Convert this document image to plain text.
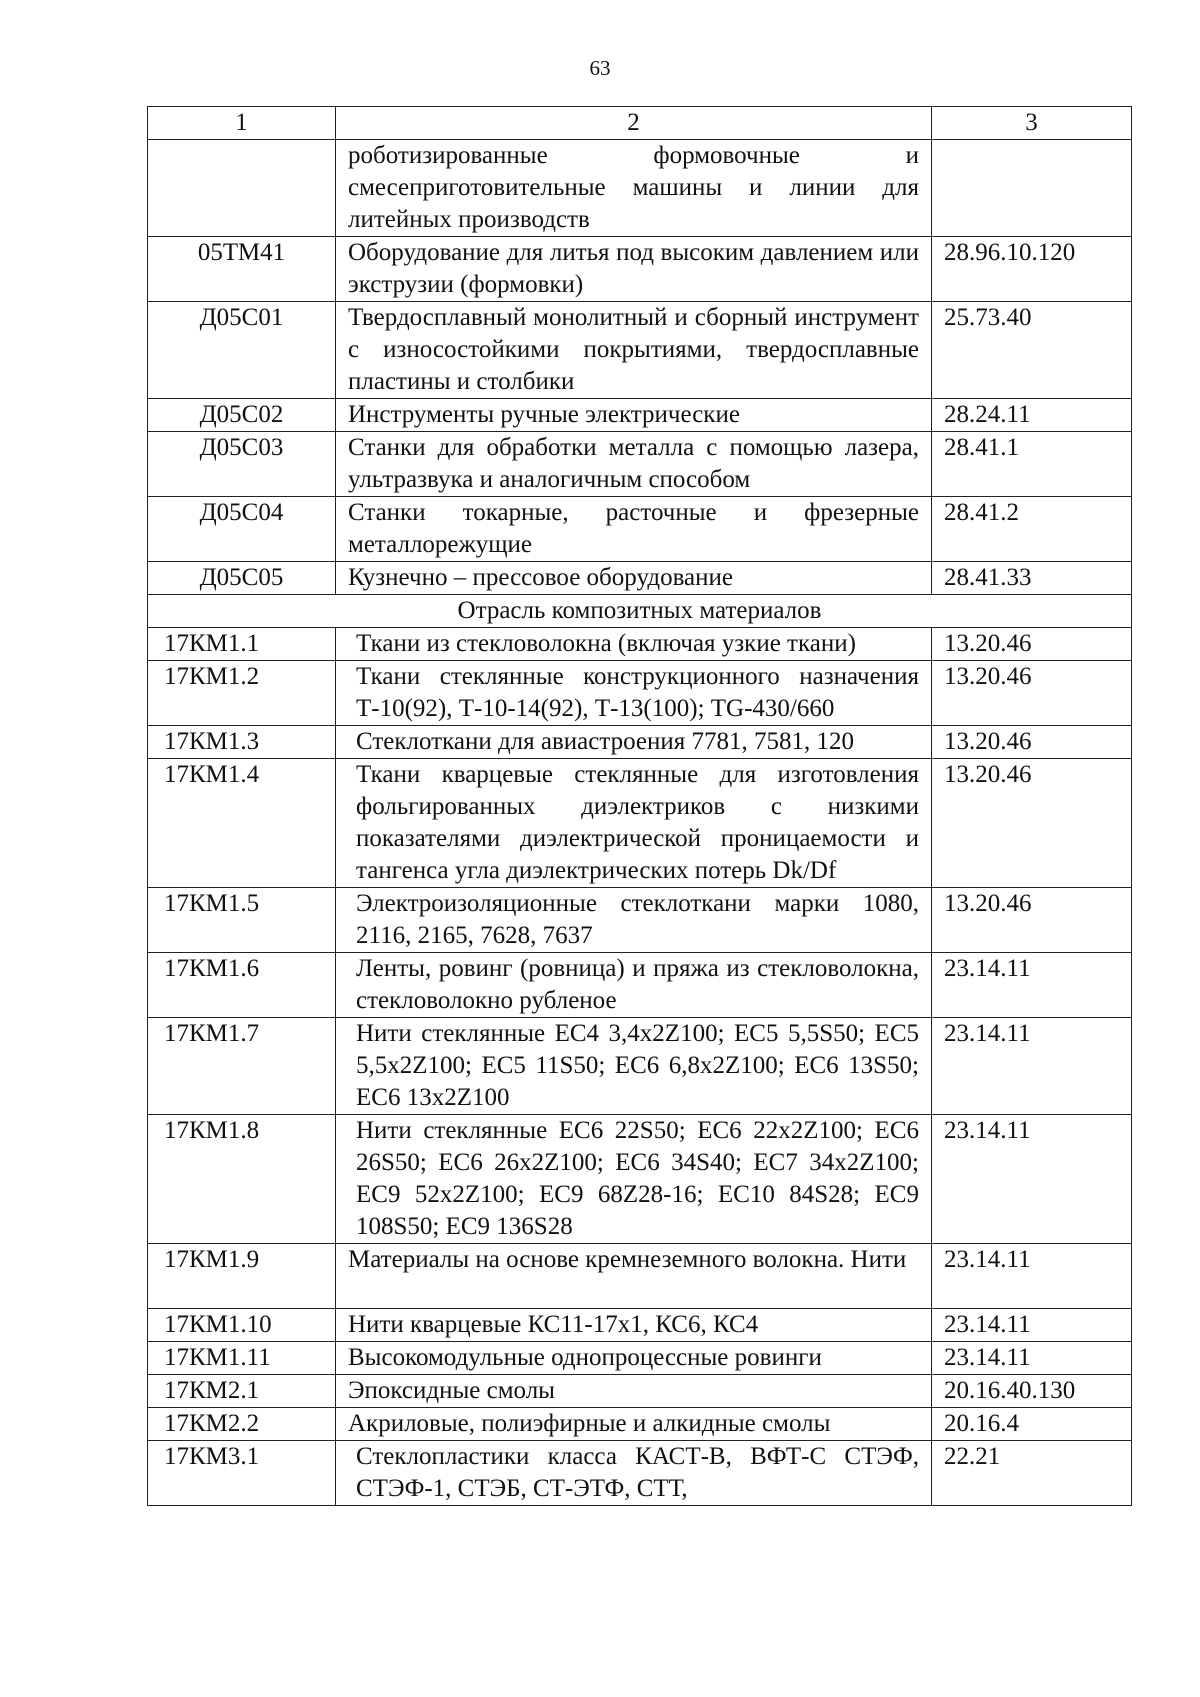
63
1	2	3
	роботизированные формовочные и смесеприготовительные машины и линии для литейных производств	
05ТМ41	Оборудование для литья под высоким давлением или экструзии (формовки)	28.96.10.120
Д05С01	Твердосплавный монолитный и сборный инструмент с износостойкими покрытиями, твердосплавные пластины и столбики	25.73.40
Д05С02	Инструменты ручные электрические	28.24.11
Д05С03	Станки для обработки металла с помощью лазера, ультразвука и аналогичным способом	28.41.1
Д05С04	Станки токарные, расточные и фрезерные металлорежущие	28.41.2
Д05С05	Кузнечно – прессовое оборудование	28.41.33
Отрасль композитных материалов		
17КМ1.1	Ткани из стекловолокна (включая узкие ткани)	13.20.46
17КМ1.2	Ткани стеклянные конструкционного назначения Т-10(92), Т-10-14(92), Т-13(100); TG-430/660	13.20.46
17КМ1.3	Стеклоткани для авиастроения 7781, 7581, 120	13.20.46
17КМ1.4	Ткани кварцевые стеклянные для изготовления фольгированных диэлектриков с низкими показателями диэлектрической проницаемости и тангенса угла диэлектрических потерь Dk/Df	13.20.46
17КМ1.5	Электроизоляционные стеклоткани марки 1080, 2116, 2165, 7628, 7637	13.20.46
17КМ1.6	Ленты, ровинг (ровница) и пряжа из стекловолокна, стекловолокно рубленое	23.14.11
17КМ1.7	Нити стеклянные ЕС4 3,4х2Z100; ЕС5 5,5S50; ЕС5 5,5х2Z100; ЕС5 11S50; ЕС6 6,8х2Z100; ЕС6 13S50; ЕС6 13х2Z100	23.14.11
17КМ1.8	Нити стеклянные ЕС6 22S50; ЕС6 22х2Z100; ЕС6 26S50; ЕС6 26х2Z100; ЕС6 34S40; ЕС7 34х2Z100; ЕС9 52х2Z100; ЕС9 68Z28-16; ЕС10 84S28; ЕС9 108S50; ЕС9 136S28	23.14.11
17КМ1.9	Материалы на основе кремнеземного волокна. Нити	23.14.11
17КМ1.10	Нити кварцевые КС11-17х1, КС6, КС4	23.14.11
17КМ1.11	Высокомодульные однопроцессные ровинги	23.14.11
17КМ2.1	Эпоксидные смолы	20.16.40.130
17КМ2.2	Акриловые, полиэфирные и алкидные смолы	20.16.4
17КМ3.1	Стеклопластики класса КАСТ-В, ВФТ-С СТЭФ, СТЭФ-1, СТЭБ, СТ-ЭТФ, СТТ,	22.21
